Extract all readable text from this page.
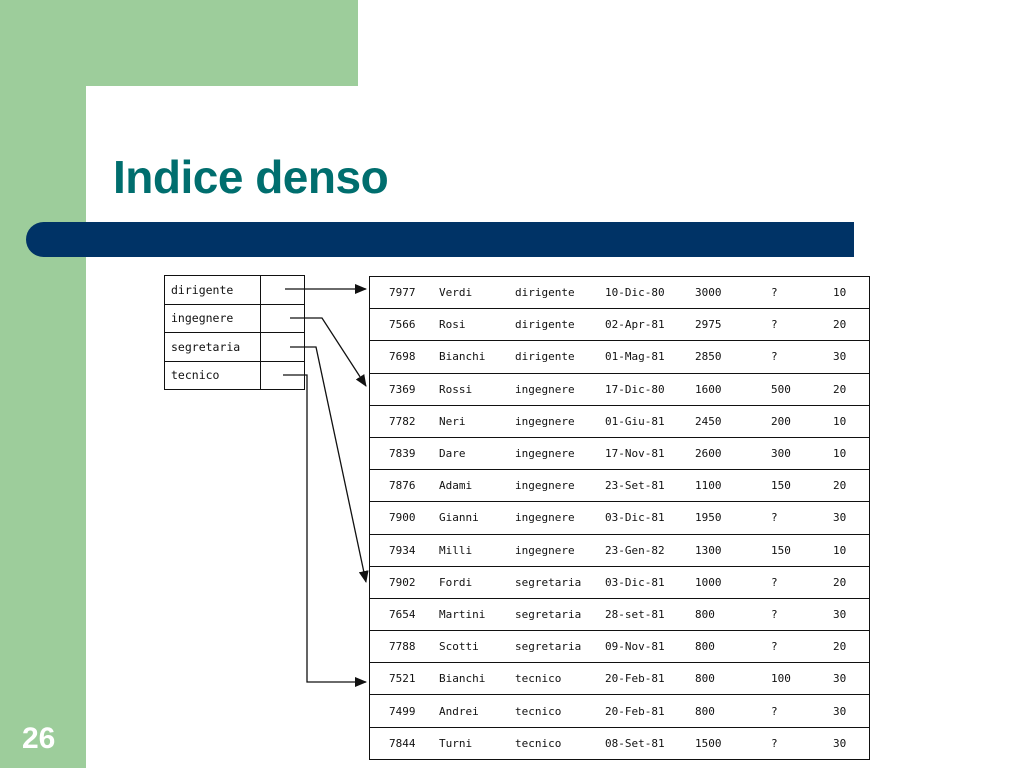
Indice denso
dirigente	
ingegnere	
segretaria	
tecnico	
7977	Verdi	dirigente	10-Dic-80	3000	?	10
7566	Rosi	dirigente	02-Apr-81	2975	?	20
7698	Bianchi	dirigente	01-Mag-81	2850	?	30
7369	Rossi	ingegnere	17-Dic-80	1600	500	20
7782	Neri	ingegnere	01-Giu-81	2450	200	10
7839	Dare	ingegnere	17-Nov-81	2600	300	10
7876	Adami	ingegnere	23-Set-81	1100	150	20
7900	Gianni	ingegnere	03-Dic-81	1950	?	30
7934	Milli	ingegnere	23-Gen-82	1300	150	10
7902	Fordi	segretaria	03-Dic-81	1000	?	20
7654	Martini	segretaria	28-set-81	800	?	30
7788	Scotti	segretaria	09-Nov-81	800	?	20
7521	Bianchi	tecnico	20-Feb-81	800	100	30
7499	Andrei	tecnico	20-Feb-81	800	?	30
7844	Turni	tecnico	08-Set-81	1500	?	30
26
